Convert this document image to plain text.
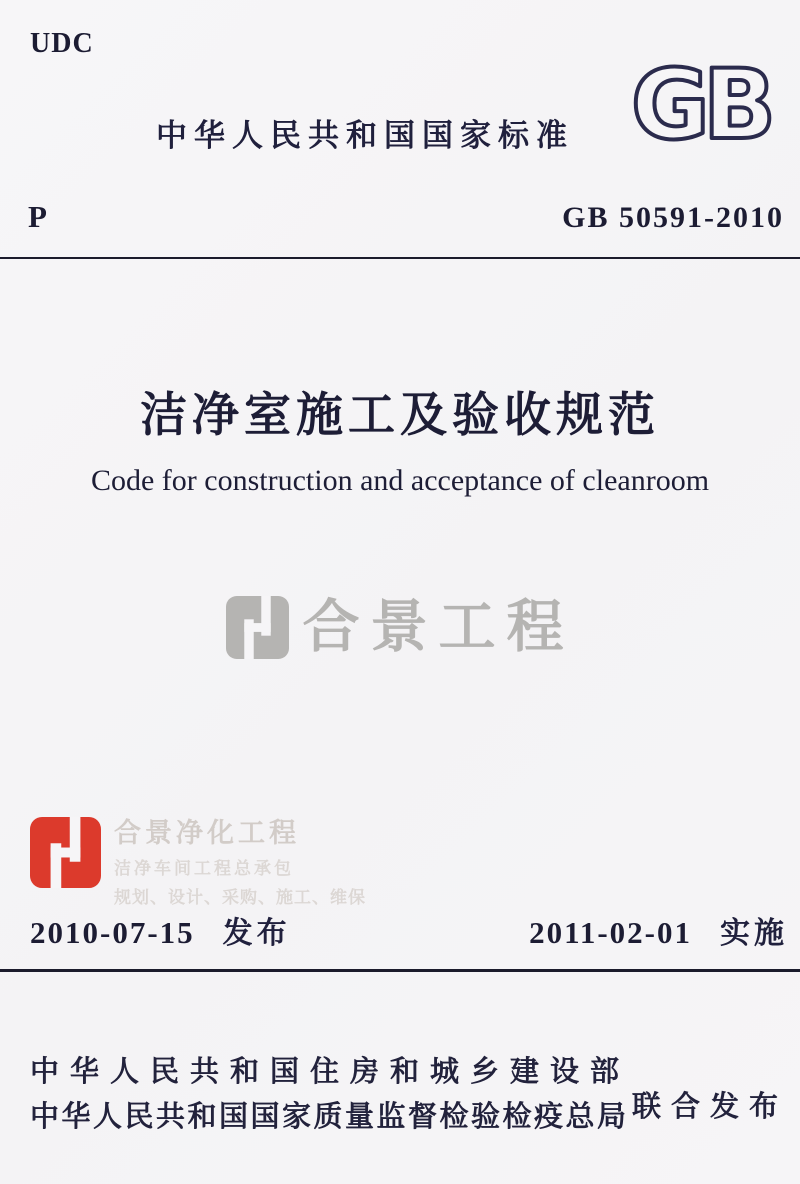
UDC
中华人民共和国国家标准 GB
P	GB 50591-2010
洁净室施工及验收规范
Code for construction and acceptance of cleanroom
合景工程
合景净化工程
洁净车间工程总承包
规划、设计、采购、施工、维保
2010-07-15 发布	2011-02-01 实施
中华人民共和国住房和城乡建设部
中华人民共和国国家质量监督检验检疫总局 联合发布
